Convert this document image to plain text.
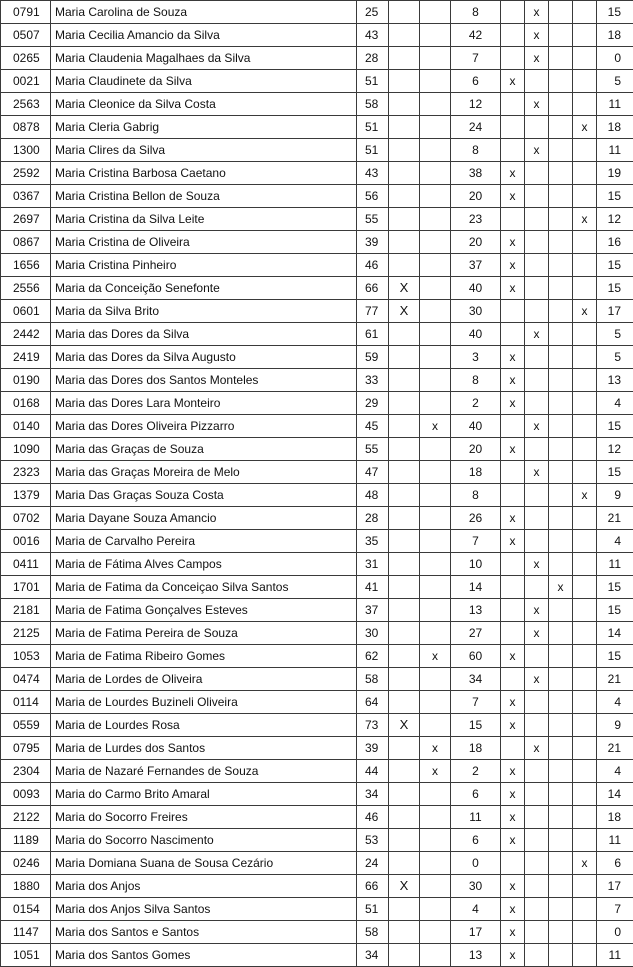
0791	Maria Carolina de Souza	25			8		x			15
0507	Maria Cecilia Amancio da Silva	43			42		x			18
0265	Maria Claudenia Magalhaes da Silva	28			7		x			0
0021	Maria Claudinete da Silva	51			6	x				5
2563	Maria Cleonice da Silva Costa	58			12		x			11
0878	Maria Cleria Gabrig	51			24				x	18
1300	Maria Clires da Silva	51			8		x			11
2592	Maria Cristina Barbosa Caetano	43			38	x				19
0367	Maria Cristina Bellon de Souza	56			20	x				15
2697	Maria Cristina da Silva Leite	55			23				x	12
0867	Maria Cristina de Oliveira	39			20	x				16
1656	Maria Cristina Pinheiro	46			37	x				15
2556	Maria da Conceição Senefonte	66	X		40	x				15
0601	Maria da Silva Brito	77	X		30				x	17
2442	Maria das Dores da Silva	61			40		x			5
2419	Maria das Dores da Silva Augusto	59			3	x				5
0190	Maria das Dores dos Santos Monteles	33			8	x				13
0168	Maria das Dores Lara Monteiro	29			2	x				4
0140	Maria das Dores Oliveira Pizzarro	45		x	40		x			15
1090	Maria das Graças de Souza	55			20	x				12
2323	Maria das Graças Moreira de Melo	47			18		x			15
1379	Maria Das Graças Souza Costa	48			8				x	9
0702	Maria Dayane Souza Amancio	28			26	x				21
0016	Maria de Carvalho Pereira	35			7	x				4
0411	Maria de Fátima Alves Campos	31			10		x			11
1701	Maria de Fatima da Conceiçao Silva Santos	41			14			x		15
2181	Maria de Fatima Gonçalves Esteves	37			13		x			15
2125	Maria de Fatima Pereira de Souza	30			27		x			14
1053	Maria de Fatima Ribeiro Gomes	62		x	60	x				15
0474	Maria de Lordes de Oliveira	58			34		x			21
0114	Maria de Lourdes Buzineli Oliveira	64			7	x				4
0559	Maria de Lourdes Rosa	73	X		15	x				9
0795	Maria de Lurdes dos Santos	39		x	18		x			21
2304	Maria de Nazaré Fernandes de Souza	44		x	2	x				4
0093	Maria do Carmo Brito Amaral	34			6	x				14
2122	Maria do Socorro Freires	46			11	x				18
1189	Maria do Socorro Nascimento	53			6	x				11
0246	Maria Domiana Suana de Sousa Cezário	24			0				x	6
1880	Maria dos Anjos	66	X		30	x				17
0154	Maria dos Anjos Silva Santos	51			4	x				7
1147	Maria dos Santos e Santos	58			17	x				0
1051	Maria dos Santos Gomes	34			13	x				11
